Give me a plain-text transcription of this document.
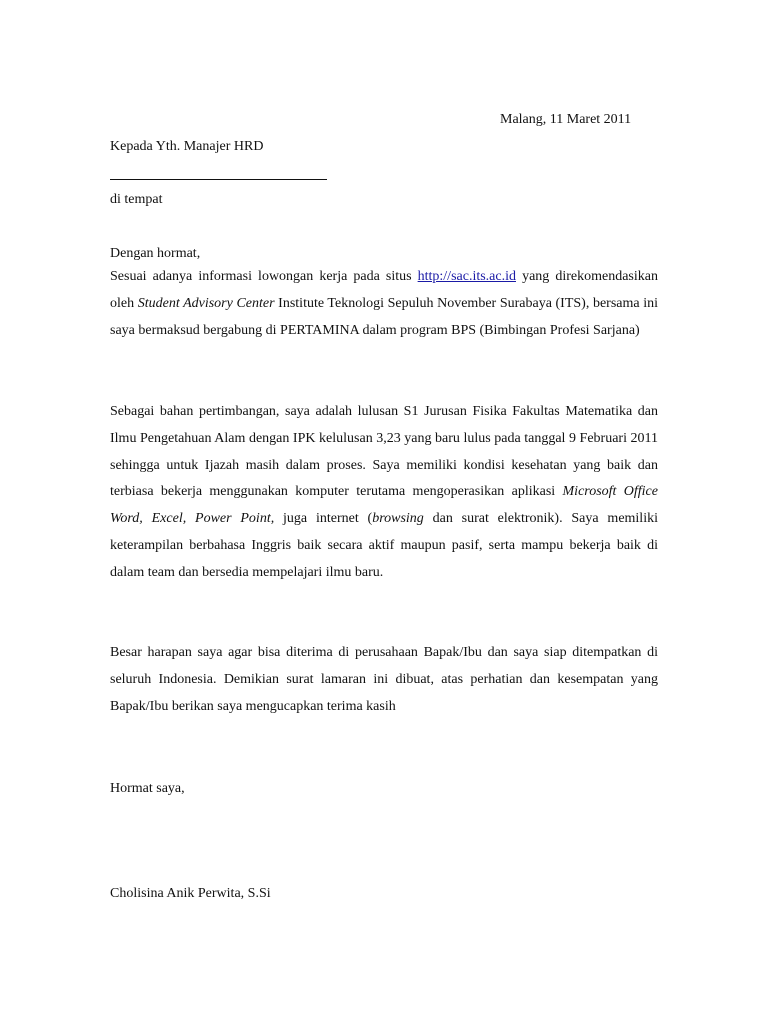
Malang, 11 Maret 2011
Kepada Yth. Manajer HRD
di tempat
Dengan hormat,
Sesuai adanya informasi lowongan kerja pada situs http://sac.its.ac.id yang direkomendasikan oleh Student Advisory Center Institute Teknologi Sepuluh November Surabaya (ITS), bersama ini saya bermaksud bergabung di PERTAMINA dalam program BPS (Bimbingan Profesi Sarjana)
Sebagai bahan pertimbangan, saya adalah lulusan S1 Jurusan Fisika Fakultas Matematika dan Ilmu Pengetahuan Alam dengan IPK kelulusan 3,23 yang baru lulus pada tanggal 9 Februari 2011 sehingga untuk Ijazah masih dalam proses. Saya memiliki kondisi kesehatan yang baik dan terbiasa bekerja menggunakan komputer terutama mengoperasikan aplikasi Microsoft Office Word, Excel, Power Point, juga internet (browsing dan surat elektronik). Saya memiliki keterampilan berbahasa Inggris baik secara aktif maupun pasif, serta mampu bekerja baik di dalam team dan bersedia mempelajari ilmu baru.
Besar harapan saya agar bisa diterima di perusahaan Bapak/Ibu dan saya siap ditempatkan di seluruh Indonesia. Demikian surat lamaran ini dibuat, atas perhatian dan kesempatan yang Bapak/Ibu berikan saya mengucapkan terima kasih
Hormat saya,
Cholisina Anik Perwita, S.Si
